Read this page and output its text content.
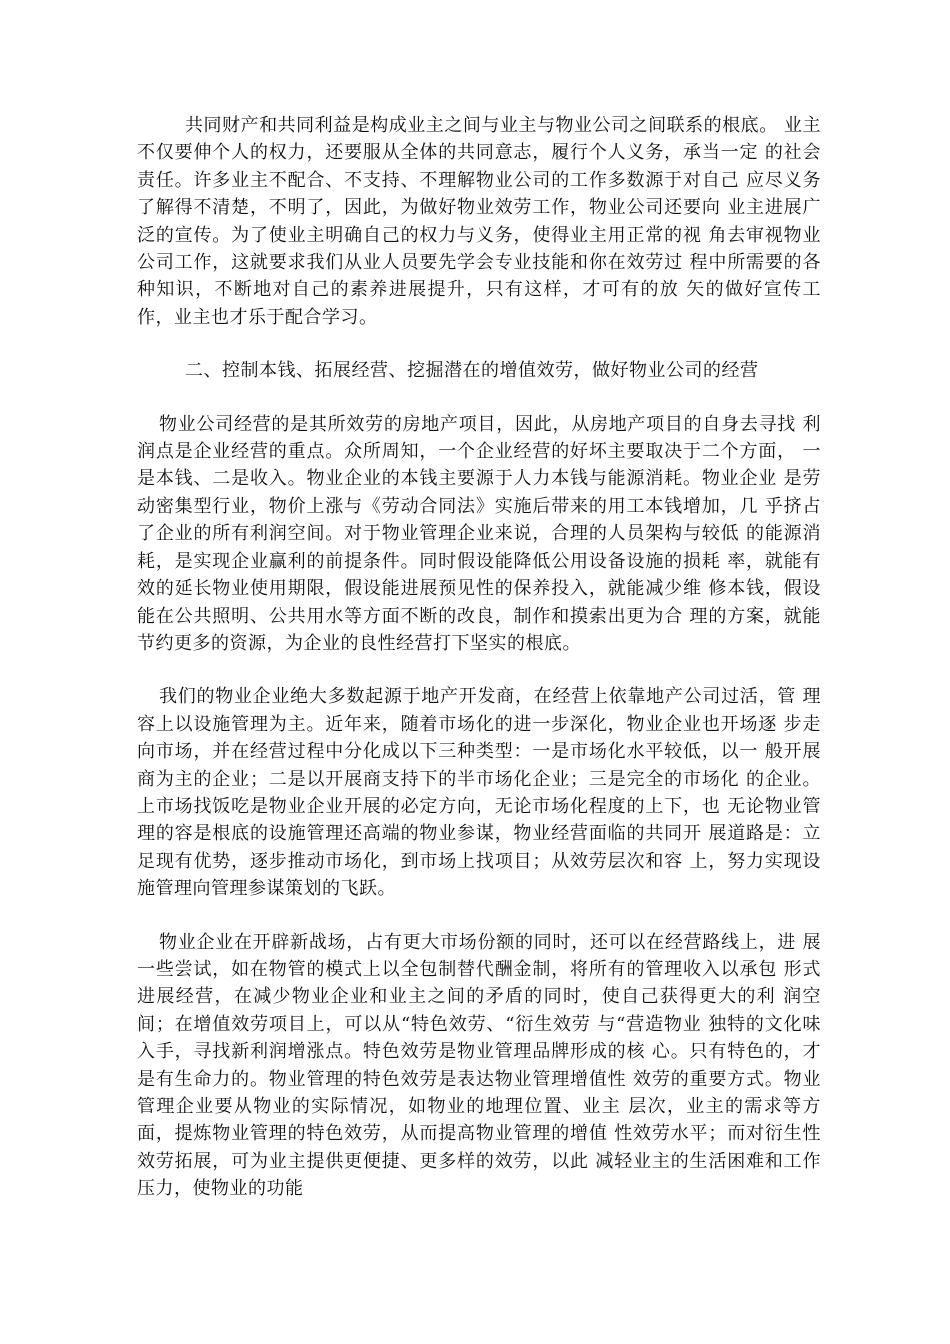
共同财产和共同利益是构成业主之间与业主与物业公司之间联系的根底。 业主不仅要伸个人的权力，还要服从全体的共同意志，履行个人义务，承当一定 的社会责任。许多业主不配合、不支持、不理解物业公司的工作多数源于对自己 应尽义务了解得不清楚，不明了，因此，为做好物业效劳工作，物业公司还要向 业主进展广泛的宣传。为了使业主明确自己的权力与义务，使得业主用正常的视 角去审视物业公司工作，这就要求我们从业人员要先学会专业技能和你在效劳过 程中所需要的各种知识，不断地对自己的素养进展提升，只有这样，才可有的放 矢的做好宣传工作，业主也才乐于配合学习。

二、控制本钱、拓展经营、挖掘潜在的增值效劳，做好物业公司的经营

物业公司经营的是其所效劳的房地产项目，因此，从房地产项目的自身去寻找 利润点是企业经营的重点。众所周知，一个企业经营的好坏主要取决于二个方面， 一是本钱、二是收入。物业企业的本钱主要源于人力本钱与能源消耗。物业企业 是劳动密集型行业，物价上涨与《劳动合同法》实施后带来的用工本钱增加，几 乎挤占了企业的所有利润空间。对于物业管理企业来说，合理的人员架构与较低 的能源消耗，是实现企业赢利的前提条件。同时假设能降低公用设备设施的损耗 率，就能有效的延长物业使用期限，假设能进展预见性的保养投入，就能减少维 修本钱，假设能在公共照明、公共用水等方面不断的改良，制作和摸索出更为合 理的方案，就能节约更多的资源，为企业的良性经营打下坚实的根底。

我们的物业企业绝大多数起源于地产开发商，在经营上依靠地产公司过活，管 理容上以设施管理为主。近年来，随着市场化的进一步深化，物业企业也开场逐 步走向市场，并在经营过程中分化成以下三种类型：一是市场化水平较低，以一 般开展商为主的企业；二是以开展商支持下的半市场化企业；三是完全的市场化 的企业。上市场找饭吃是物业企业开展的必定方向，无论市场化程度的上下，也 无论物业管理的容是根底的设施管理还高端的物业参谋，物业经营面临的共同开 展道路是：立足现有优势，逐步推动市场化，到市场上找项目；从效劳层次和容 上，努力实现设施管理向管理参谋策划的飞跃。

物业企业在开辟新战场，占有更大市场份额的同时，还可以在经营路线上，进 展一些尝试，如在物管的模式上以全包制替代酬金制，将所有的管理收入以承包 形式进展经营，在减少物业企业和业主之间的矛盾的同时，使自己获得更大的利 润空间；在增值效劳项目上，可以从“特色效劳、“衍生效劳 与“营造物业 独特的文化味 入手，寻找新利润增涨点。特色效劳是物业管理品牌形成的核 心。只有特色的，才是有生命力的。物业管理的特色效劳是表达物业管理增值性 效劳的重要方式。物业管理企业要从物业的实际情况，如物业的地理位置、业主 层次，业主的需求等方面，提炼物业管理的特色效劳，从而提高物业管理的增值 性效劳水平；而对衍生性效劳拓展，可为业主提供更便捷、更多样的效劳，以此 减轻业主的生活困难和工作压力，使物业的功能
